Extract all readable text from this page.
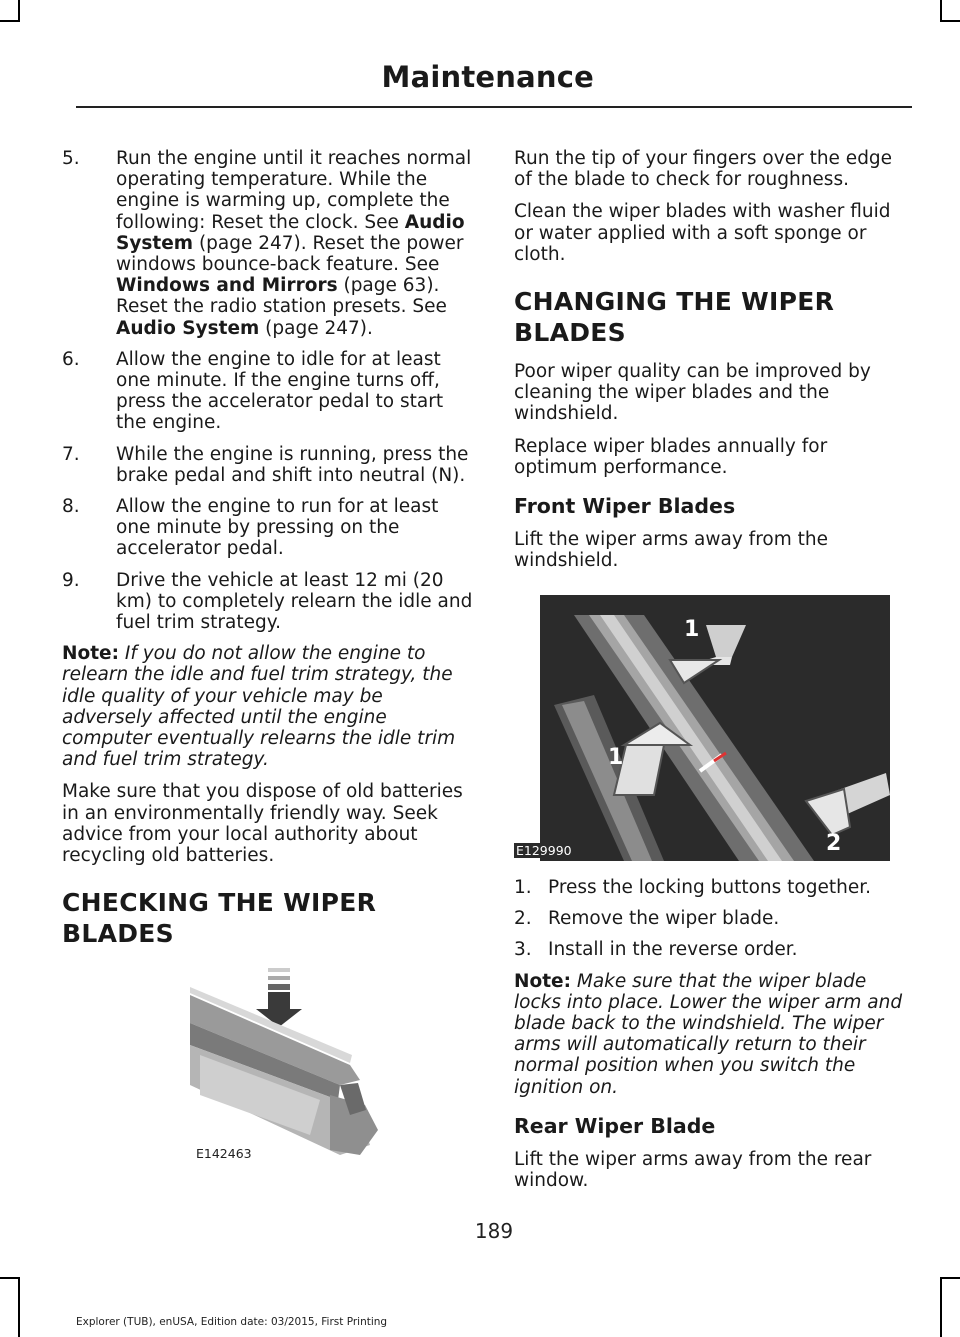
Maintenance
5.	Run the engine until it reaches normal operating temperature. While the engine is warming up, complete the following: Reset the clock. See Audio System (page 247). Reset the power windows bounce-back feature. See Windows and Mirrors (page 63). Reset the radio station presets. See Audio System (page 247).
6.	Allow the engine to idle for at least one minute. If the engine turns off, press the accelerator pedal to start the engine.
7.	While the engine is running, press the brake pedal and shift into neutral (N).
8.	Allow the engine to run for at least one minute by pressing on the accelerator pedal.
9.	Drive the vehicle at least 12 mi (20 km) to completely relearn the idle and fuel trim strategy.

Note: If you do not allow the engine to relearn the idle and fuel trim strategy, the idle quality of your vehicle may be adversely affected until the engine computer eventually relearns the idle trim and fuel trim strategy.

Make sure that you dispose of old batteries in an environmentally friendly way. Seek advice from your local authority about recycling old batteries.

CHECKING THE WIPER
BLADES
E142463

Run the tip of your fingers over the edge of the blade to check for roughness.

Clean the wiper blades with washer fluid or water applied with a soft sponge or cloth.

CHANGING THE WIPER
BLADES

Poor wiper quality can be improved by cleaning the wiper blades and the windshield.

Replace wiper blades annually for optimum performance.

Front Wiper Blades

Lift the wiper arms away from the windshield.

1
1
2
E129990
1. Press the locking buttons together.
2. Remove the wiper blade.
3. Install in the reverse order.

Note: Make sure that the wiper blade locks into place. Lower the wiper arm and blade back to the windshield. The wiper arms will automatically return to their normal position when you switch the ignition on.

Rear Wiper Blade

Lift the wiper arms away from the rear window.

189
Explorer (TUB), enUSA, Edition date: 03/2015, First Printing
